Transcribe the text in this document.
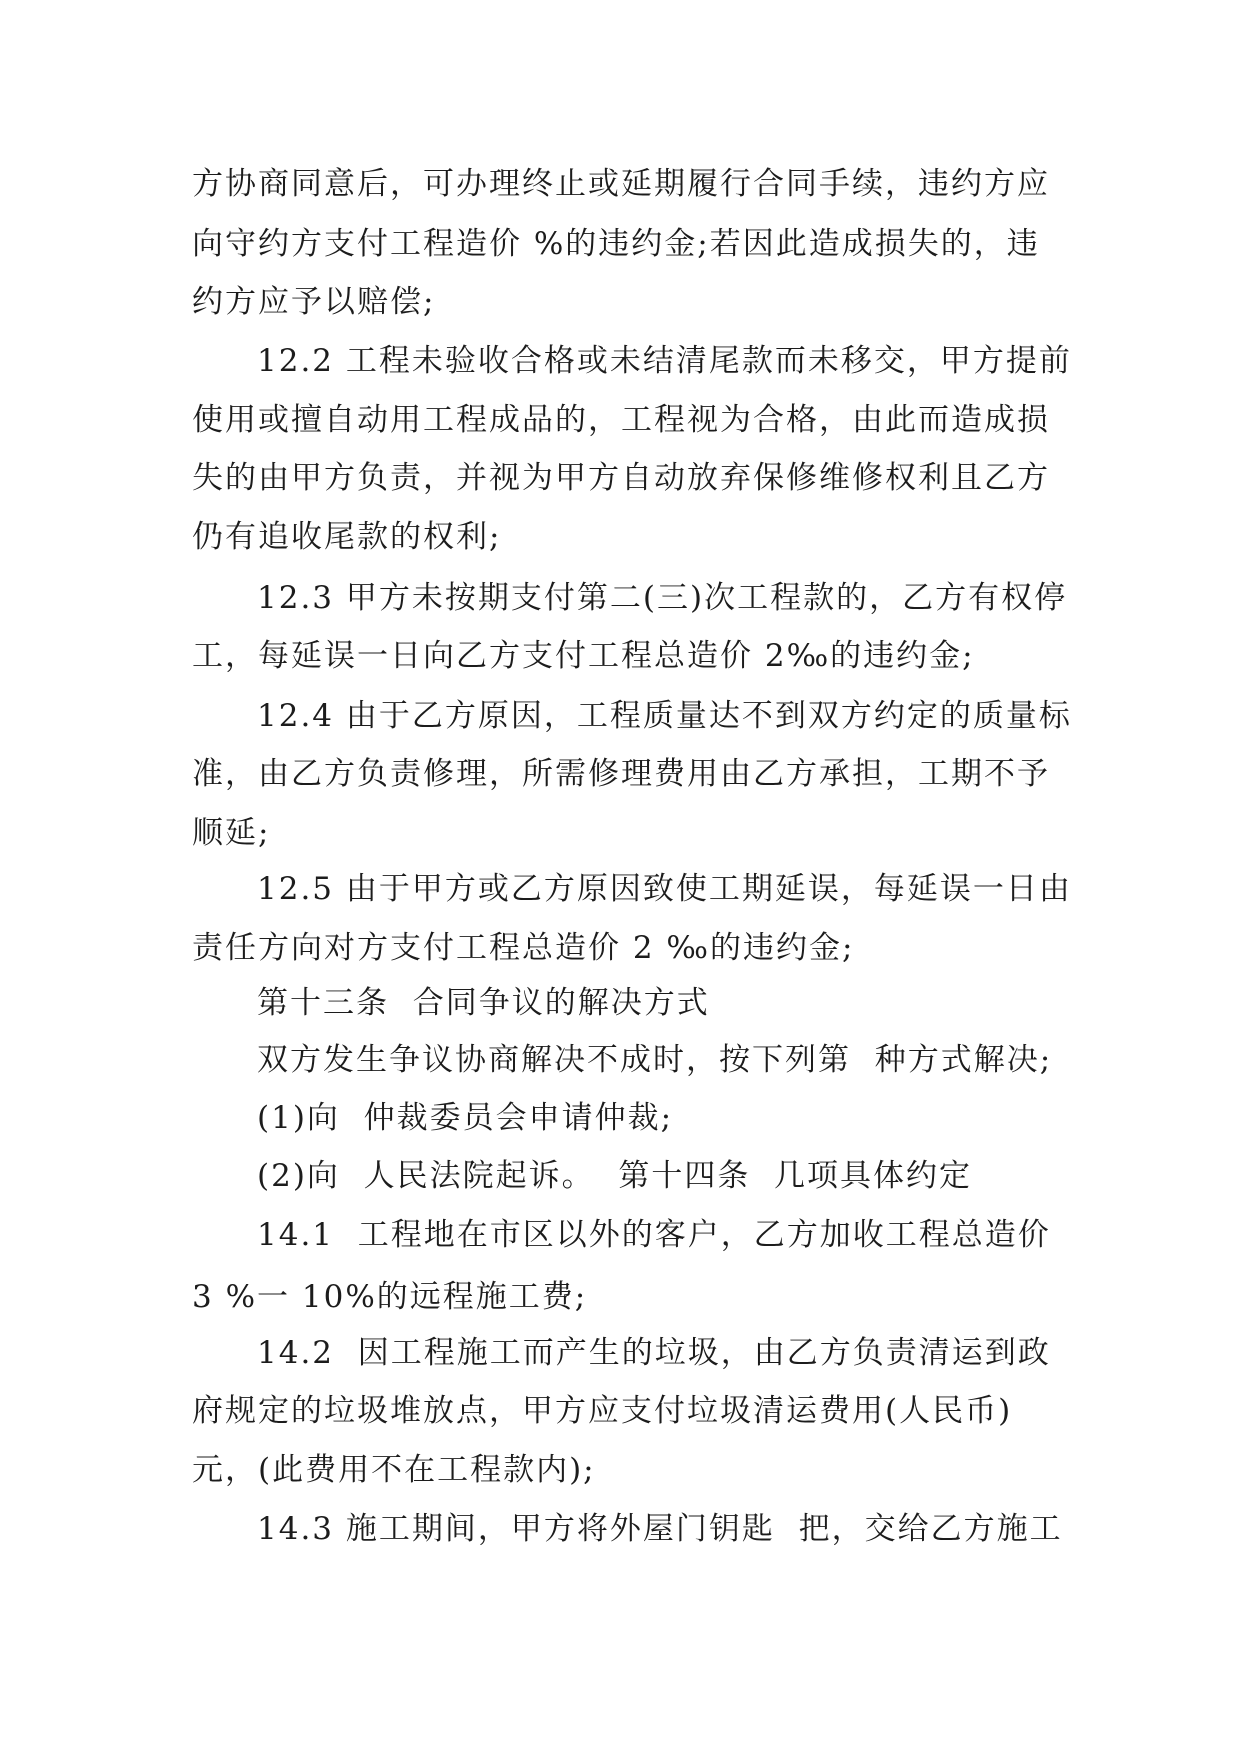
方协商同意后，可办理终止或延期履行合同手续，违约方应
向守约方支付工程造价 %的违约金;若因此造成损失的，违
约方应予以赔偿;
12.2 工程未验收合格或未结清尾款而未移交，甲方提前
使用或擅自动用工程成品的，工程视为合格，由此而造成损
失的由甲方负责，并视为甲方自动放弃保修维修权利且乙方
仍有追收尾款的权利;
12.3 甲方未按期支付第二(三)次工程款的，乙方有权停
工，每延误一日向乙方支付工程总造价 2‰的违约金;
12.4 由于乙方原因，工程质量达不到双方约定的质量标
准，由乙方负责修理，所需修理费用由乙方承担，工期不予
顺延;
12.5 由于甲方或乙方原因致使工期延误，每延误一日由
责任方向对方支付工程总造价 2 ‰的违约金;
第十三条  合同争议的解决方式
双方发生争议协商解决不成时，按下列第  种方式解决;
(1)向  仲裁委员会申请仲裁;
(2)向  人民法院起诉。  第十四条  几项具体约定
14.1  工程地在市区以外的客户，乙方加收工程总造价
3 %一 10%的远程施工费;
14.2  因工程施工而产生的垃圾，由乙方负责清运到政
府规定的垃圾堆放点，甲方应支付垃圾清运费用(人民币)
元，(此费用不在工程款内);
14.3 施工期间，甲方将外屋门钥匙  把，交给乙方施工
